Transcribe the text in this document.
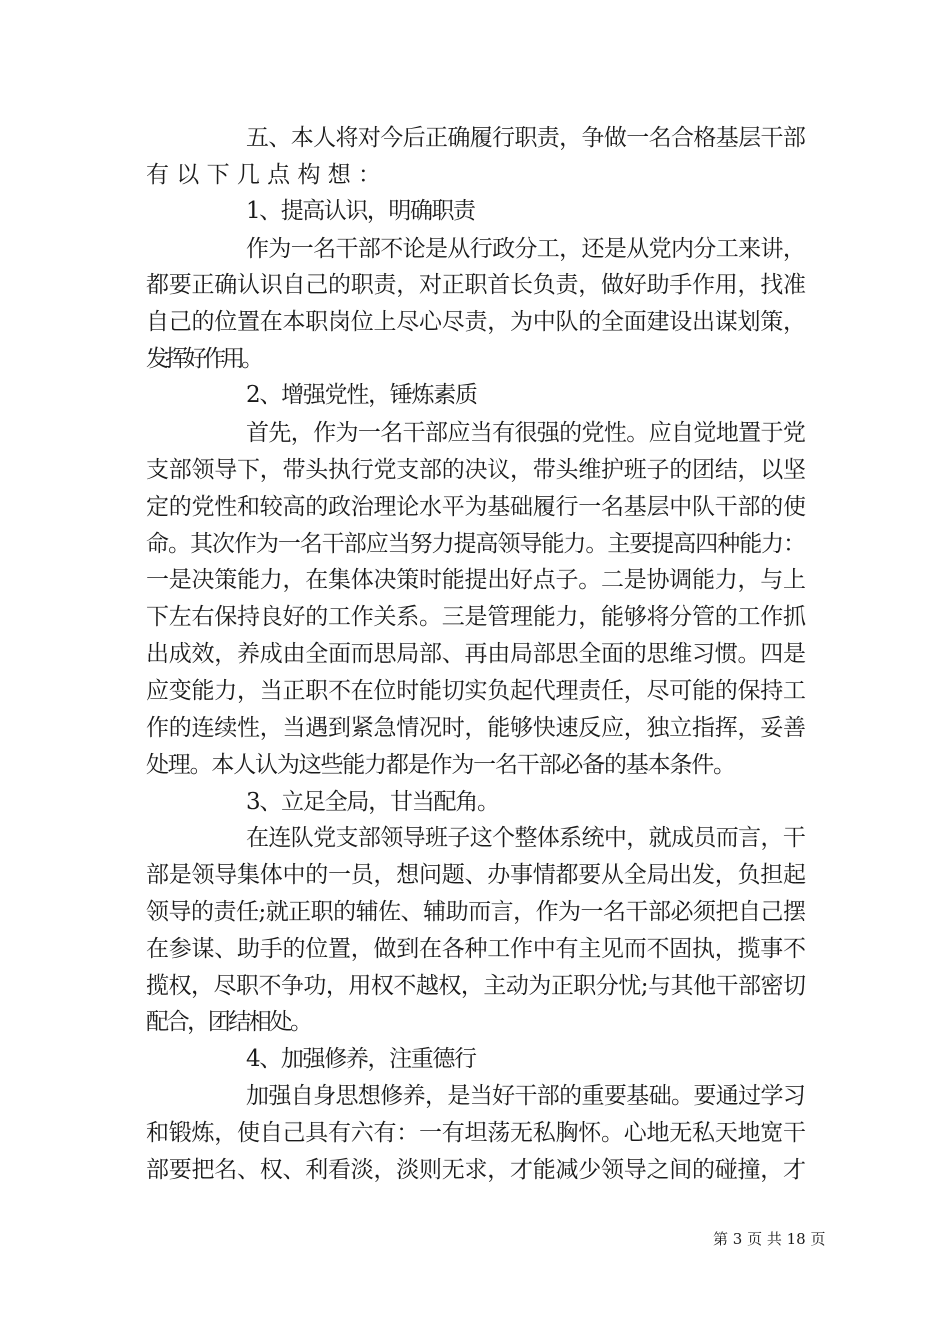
五、本人将对今后正确履行职责，争做一名合格基层干部
有以下几点构想：
1、提高认识，明确职责
作为一名干部不论是从行政分工，还是从党内分工来讲，
都要正确认识自己的职责，对正职首长负责，做好助手作用，找准
自己的位置在本职岗位上尽心尽责，为中队的全面建设出谋划策，
发挥好作用。
2、增强党性，锤炼素质
首先，作为一名干部应当有很强的党性。应自觉地置于党
支部领导下，带头执行党支部的决议，带头维护班子的团结，以坚
定的党性和较高的政治理论水平为基础履行一名基层中队干部的使
命。其次作为一名干部应当努力提高领导能力。主要提高四种能力：
一是决策能力，在集体决策时能提出好点子。二是协调能力，与上
下左右保持良好的工作关系。三是管理能力，能够将分管的工作抓
出成效，养成由全面而思局部、再由局部思全面的思维习惯。四是
应变能力，当正职不在位时能切实负起代理责任，尽可能的保持工
作的连续性，当遇到紧急情况时，能够快速反应，独立指挥，妥善
处理。本人认为这些能力都是作为一名干部必备的基本条件。
3、立足全局，甘当配角。
在连队党支部领导班子这个整体系统中，就成员而言，干
部是领导集体中的一员，想问题、办事情都要从全局出发，负担起
领导的责任;就正职的辅佐、辅助而言，作为一名干部必须把自己摆
在参谋、助手的位置，做到在各种工作中有主见而不固执，揽事不
揽权，尽职不争功，用权不越权，主动为正职分忧;与其他干部密切
配合，团结相处。
4、加强修养，注重德行
加强自身思想修养，是当好干部的重要基础。要通过学习
和锻炼，使自己具有六有：一有坦荡无私胸怀。心地无私天地宽干
部要把名、权、利看淡，淡则无求，才能减少领导之间的碰撞，才
第 3 页 共 18 页
